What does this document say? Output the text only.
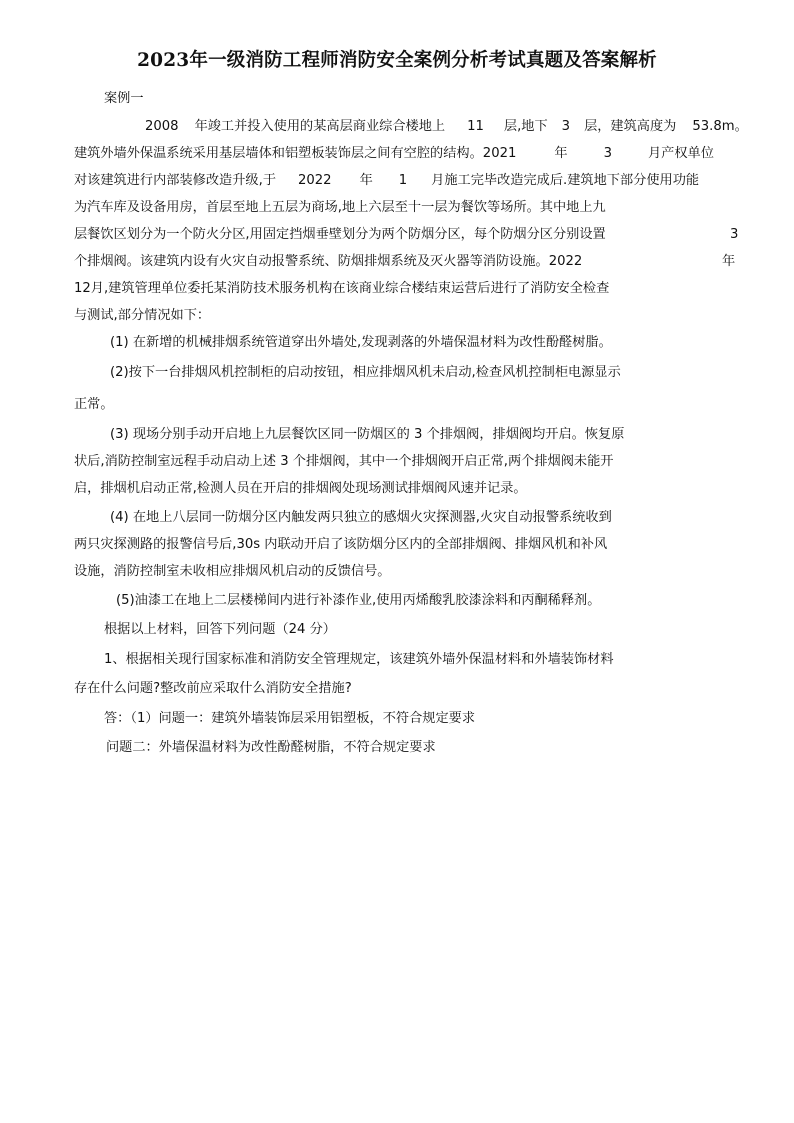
2023年一级消防工程师消防安全案例分析考试真题及答案解析
案例一
2008 年竣工并投入使用的某高层商业综合楼地上 11 层,地下 3 层，建筑高度为 53.8m。
建筑外墙外保温系统采用基层墙体和铝塑板装饰层之间有空腔的结构。2021	年	3	月产权单位
对该建筑进行内部装修改造升级,于 2022 年 1 月施工完毕改造完成后.建筑地下部分使用功能
为汽车库及设备用房，首层至地上五层为商场,地上六层至十一层为餐饮等场所。其中地上九
层餐饮区划分为一个防火分区,用固定挡烟垂壁划分为两个防烟分区，每个防烟分区分别设置	3
个排烟阀。该建筑内设有火灾自动报警系统、防烟排烟系统及灭火器等消防设施。2022	年
12月,建筑管理单位委托某消防技术服务机构在该商业综合楼结束运营后进行了消防安全检查
与测试,部分情况如下：
(1) 在新增的机械排烟系统管道穿出外墙处,发现剥落的外墙保温材料为改性酚醛树脂。
(2)按下一台排烟风机控制柜的启动按钮，相应排烟风机未启动,检查风机控制柜电源显示
正常。
(3) 现场分别手动开启地上九层餐饮区同一防烟区的 3 个排烟阀，排烟阀均开启。恢复原
状后,消防控制室远程手动启动上述 3 个排烟阀，其中一个排烟阀开启正常,两个排烟阀未能开
启，排烟机启动正常,检测人员在开启的排烟阀处现场测试排烟阀风速并记录。
(4) 在地上八层同一防烟分区内触发两只独立的感烟火灾探测器,火灾自动报警系统收到
两只灾探测路的报警信号后,30s 内联动开启了该防烟分区内的全部排烟阀、排烟风机和补风
设施，消防控制室未收相应排烟风机启动的反馈信号。
(5)油漆工在地上二层楼梯间内进行补漆作业,使用丙烯酸乳胶漆涂料和丙酮稀释剂。
根据以上材料，回答下列问题（24 分）
1、根据相关现行国家标准和消防安全管理规定，该建筑外墙外保温材料和外墙装饰材料
存在什么问题?整改前应采取什么消防安全措施?
答：（1）问题一：建筑外墙装饰层采用铝塑板，不符合规定要求
问题二：外墙保温材料为改性酚醛树脂，不符合规定要求
